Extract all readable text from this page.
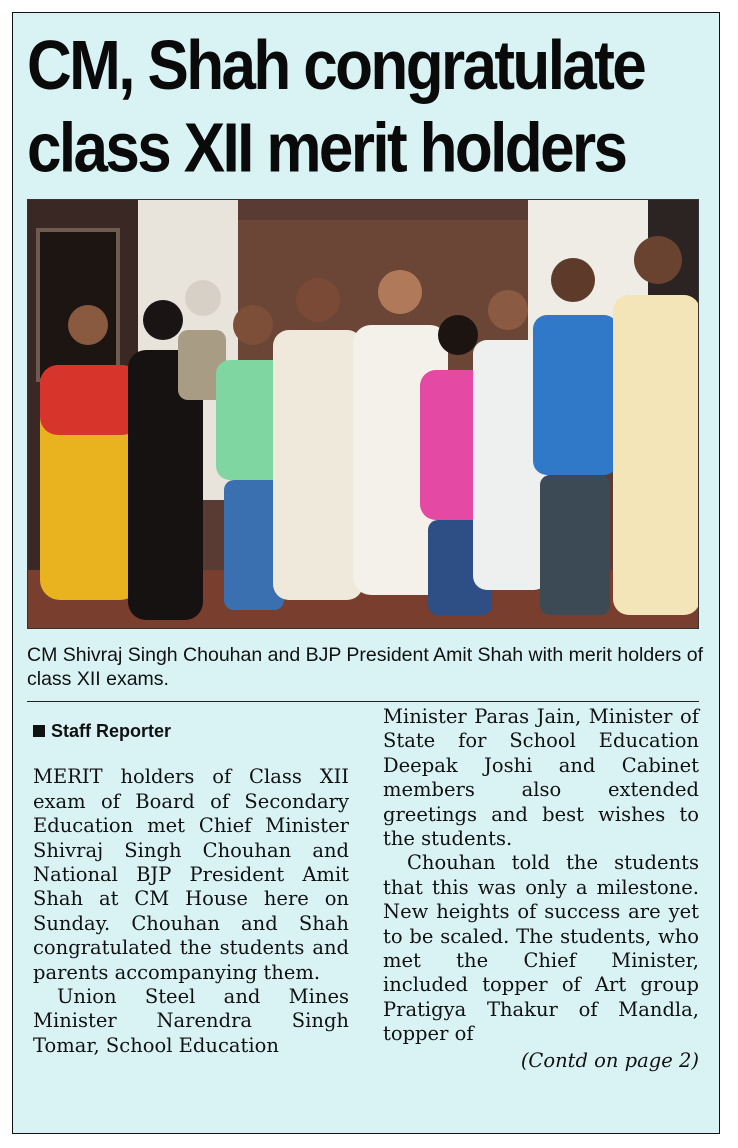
CM, Shah congratulate
class XII merit holders
CM Shivraj Singh Chouhan and BJP President Amit Shah with merit holders of class XII exams.
Staff Reporter

MERIT holders of Class XII exam of Board of Secondary Education met Chief Minister Shivraj Singh Chouhan and National BJP President Amit Shah at CM House here on Sunday. Chouhan and Shah congratulated the students and parents accompanying them.

Union Steel and Mines Minister Narendra Singh Tomar, School Education

Minister Paras Jain, Minister of State for School Education Deepak Joshi and Cabinet members also extended greetings and best wishes to the students.

Chouhan told the students that this was only a milestone. New heights of success are yet to be scaled. The students, who met the Chief Minister, included topper of Art group Pratigya Thakur of Mandla, topper of

(Contd on page 2)
